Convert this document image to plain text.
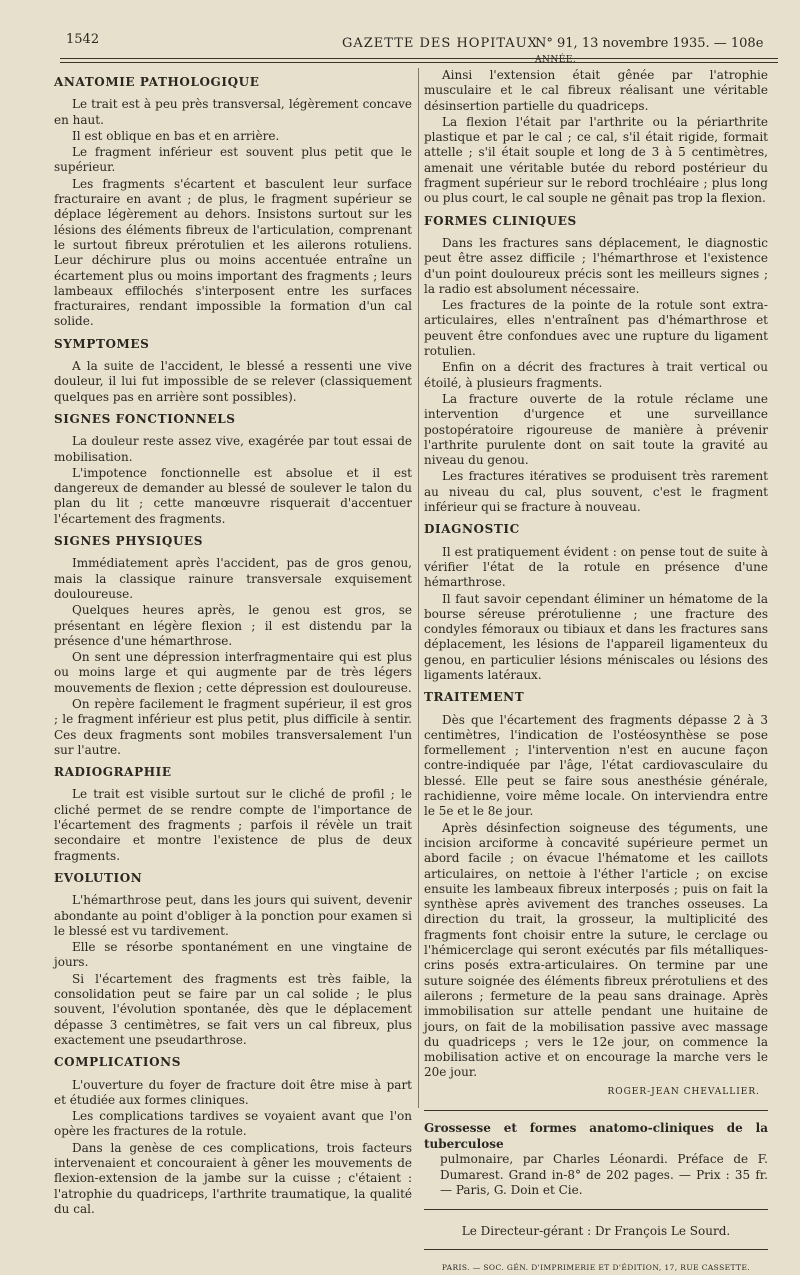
1542	GAZETTE DES HOPITAUX
N° 91, 13 novembre 1935. — 108e ANNÉE.
ANATOMIE PATHOLOGIQUE

Le trait est à peu près transversal, légèrement concave en haut.

Il est oblique en bas et en arrière.

Le fragment inférieur est souvent plus petit que le supérieur.

Les fragments s'écartent et basculent leur surface fracturaire en avant ; de plus, le fragment supérieur se déplace légèrement au dehors. Insistons surtout sur les lésions des éléments fibreux de l'articulation, comprenant le surtout fibreux prérotulien et les ailerons rotuliens. Leur déchirure plus ou moins accentuée entraîne un écartement plus ou moins important des fragments ; leurs lambeaux effilochés s'interposent entre les surfaces fracturaires, rendant impossible la formation d'un cal solide.

SYMPTOMES

A la suite de l'accident, le blessé a ressenti une vive douleur, il lui fut impossible de se relever (classiquement quelques pas en arrière sont possibles).

SIGNES FONCTIONNELS

La douleur reste assez vive, exagérée par tout essai de mobilisation.

L'impotence fonctionnelle est absolue et il est dangereux de demander au blessé de soulever le talon du plan du lit ; cette manœuvre risquerait d'accentuer l'écartement des fragments.

SIGNES PHYSIQUES

Immédiatement après l'accident, pas de gros genou, mais la classique rainure transversale exquisement douloureuse.

Quelques heures après, le genou est gros, se présentant en légère flexion ; il est distendu par la présence d'une hémarthrose.

On sent une dépression interfragmentaire qui est plus ou moins large et qui augmente par de très légers mouvements de flexion ; cette dépression est douloureuse.

On repère facilement le fragment supérieur, il est gros ; le fragment inférieur est plus petit, plus difficile à sentir. Ces deux fragments sont mobiles transversalement l'un sur l'autre.

RADIOGRAPHIE

Le trait est visible surtout sur le cliché de profil ; le cliché permet de se rendre compte de l'importance de l'écartement des fragments ; parfois il révèle un trait secondaire et montre l'existence de plus de deux fragments.

EVOLUTION

L'hémarthrose peut, dans les jours qui suivent, devenir abondante au point d'obliger à la ponction pour examen si le blessé est vu tardivement.

Elle se résorbe spontanément en une vingtaine de jours.

Si l'écartement des fragments est très faible, la consolidation peut se faire par un cal solide ; le plus souvent, l'évolution spontanée, dès que le déplacement dépasse 3 centimètres, se fait vers un cal fibreux, plus exactement une pseudarthrose.

COMPLICATIONS

L'ouverture du foyer de fracture doit être mise à part et étudiée aux formes cliniques.

Les complications tardives se voyaient avant que l'on opère les fractures de la rotule.

Dans la genèse de ces complications, trois facteurs intervenaient et concouraient à gêner les mouvements de flexion-extension de la jambe sur la cuisse ; c'étaient : l'atrophie du quadriceps, l'arthrite traumatique, la qualité du cal.

Ainsi l'extension était gênée par l'atrophie musculaire et le cal fibreux réalisant une véritable désinsertion partielle du quadriceps.

La flexion l'était par l'arthrite ou la périarthrite plastique et par le cal ; ce cal, s'il était rigide, formait attelle ; s'il était souple et long de 3 à 5 centimètres, amenait une véritable butée du rebord postérieur du fragment supérieur sur le rebord trochléaire ; plus long ou plus court, le cal souple ne gênait pas trop la flexion.

FORMES CLINIQUES

Dans les fractures sans déplacement, le diagnostic peut être assez difficile ; l'hémarthrose et l'existence d'un point douloureux précis sont les meilleurs signes ; la radio est absolument nécessaire.

Les fractures de la pointe de la rotule sont extra-articulaires, elles n'entraînent pas d'hémarthrose et peuvent être confondues avec une rupture du ligament rotulien.

Enfin on a décrit des fractures à trait vertical ou étoilé, à plusieurs fragments.

La fracture ouverte de la rotule réclame une intervention d'urgence et une surveillance postopératoire rigoureuse de manière à prévenir l'arthrite purulente dont on sait toute la gravité au niveau du genou.

Les fractures itératives se produisent très rarement au niveau du cal, plus souvent, c'est le fragment inférieur qui se fracture à nouveau.

DIAGNOSTIC

Il est pratiquement évident : on pense tout de suite à vérifier l'état de la rotule en présence d'une hémarthrose.

Il faut savoir cependant éliminer un hématome de la bourse séreuse prérotulienne ; une fracture des condyles fémoraux ou tibiaux et dans les fractures sans déplacement, les lésions de l'appareil ligamenteux du genou, en particulier lésions méniscales ou lésions des ligaments latéraux.

TRAITEMENT

Dès que l'écartement des fragments dépasse 2 à 3 centimètres, l'indication de l'ostéosynthèse se pose formellement ; l'intervention n'est en aucune façon contre-indiquée par l'âge, l'état cardiovasculaire du blessé. Elle peut se faire sous anesthésie générale, rachidienne, voire même locale. On interviendra entre le 5e et le 8e jour.

Après désinfection soigneuse des téguments, une incision arciforme à concavité supérieure permet un abord facile ; on évacue l'hématome et les caillots articulaires, on nettoie à l'éther l'article ; on excise ensuite les lambeaux fibreux interposés ; puis on fait la synthèse après avivement des tranches osseuses. La direction du trait, la grosseur, la multiplicité des fragments font choisir entre la suture, le cerclage ou l'hémicerclage qui seront exécutés par fils métalliques-crins posés extra-articulaires. On termine par une suture soignée des éléments fibreux prérotuliens et des ailerons ; fermeture de la peau sans drainage. Après immobilisation sur attelle pendant une huitaine de jours, on fait de la mobilisation passive avec massage du quadriceps ; vers le 12e jour, on commence la mobilisation active et on encourage la marche vers le 20e jour.

ROGER-JEAN CHEVALLIER.
Grossesse et formes anatomo-cliniques de la tuberculose
pulmonaire, par Charles Léonardi. Préface de F. Dumarest. Grand in-8° de 202 pages. — Prix : 35 fr. — Paris, G. Doin et Cie.
Le Directeur-gérant : Dr François Le Sourd.
PARIS. — SOC. GÉN. D'IMPRIMERIE ET D'ÉDITION, 17, RUE CASSETTE.
